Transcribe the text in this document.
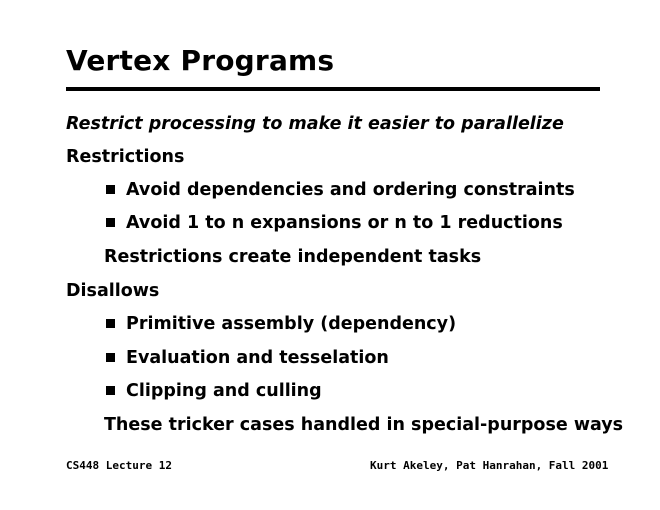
Vertex Programs
Restrict processing to make it easier to parallelize
Restrictions
Avoid dependencies and ordering constraints
Avoid 1 to n expansions or n to 1 reductions
Restrictions create independent tasks
Disallows
Primitive assembly (dependency)
Evaluation and tesselation
Clipping and culling
These tricker cases handled in special-purpose ways
CS448 Lecture 12	Kurt Akeley, Pat Hanrahan, Fall 2001
